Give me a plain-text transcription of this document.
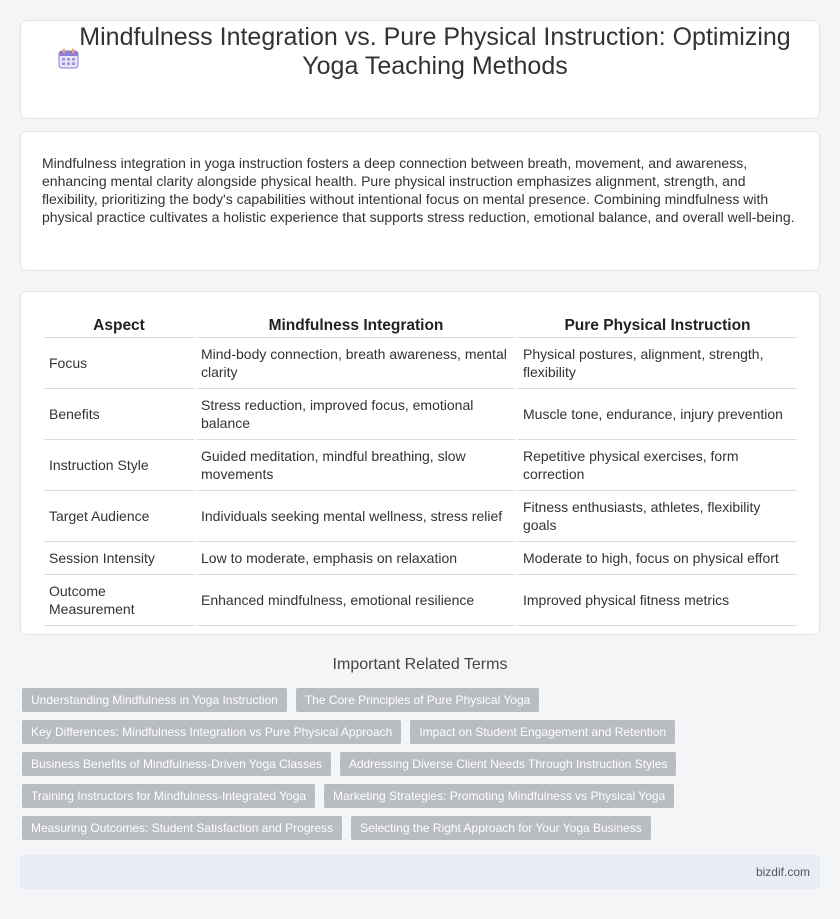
Mindfulness Integration vs. Pure Physical Instruction: Optimizing Yoga Teaching Methods

Mindfulness integration in yoga instruction fosters a deep connection between breath, movement, and awareness, enhancing mental clarity alongside physical health. Pure physical instruction emphasizes alignment, strength, and flexibility, prioritizing the body's capabilities without intentional focus on mental presence. Combining mindfulness with physical practice cultivates a holistic experience that supports stress reduction, emotional balance, and overall well-being.

Aspect	Mindfulness Integration	Pure Physical Instruction
Focus	Mind-body connection, breath awareness, mental clarity	Physical postures, alignment, strength, flexibility
Benefits	Stress reduction, improved focus, emotional balance	Muscle tone, endurance, injury prevention
Instruction Style	Guided meditation, mindful breathing, slow movements	Repetitive physical exercises, form correction
Target Audience	Individuals seeking mental wellness, stress relief	Fitness enthusiasts, athletes, flexibility goals
Session Intensity	Low to moderate, emphasis on relaxation	Moderate to high, focus on physical effort
Outcome Measurement	Enhanced mindfulness, emotional resilience	Improved physical fitness metrics
Important Related Terms
Understanding Mindfulness in Yoga Instruction	The Core Principles of Pure Physical Yoga
Key Differences: Mindfulness Integration vs Pure Physical Approach	Impact on Student Engagement and Retention
Business Benefits of Mindfulness-Driven Yoga Classes	Addressing Diverse Client Needs Through Instruction Styles
Training Instructors for Mindfulness-Integrated Yoga	Marketing Strategies: Promoting Mindfulness vs Physical Yoga
Measuring Outcomes: Student Satisfaction and Progress	Selecting the Right Approach for Your Yoga Business
bizdif.com
